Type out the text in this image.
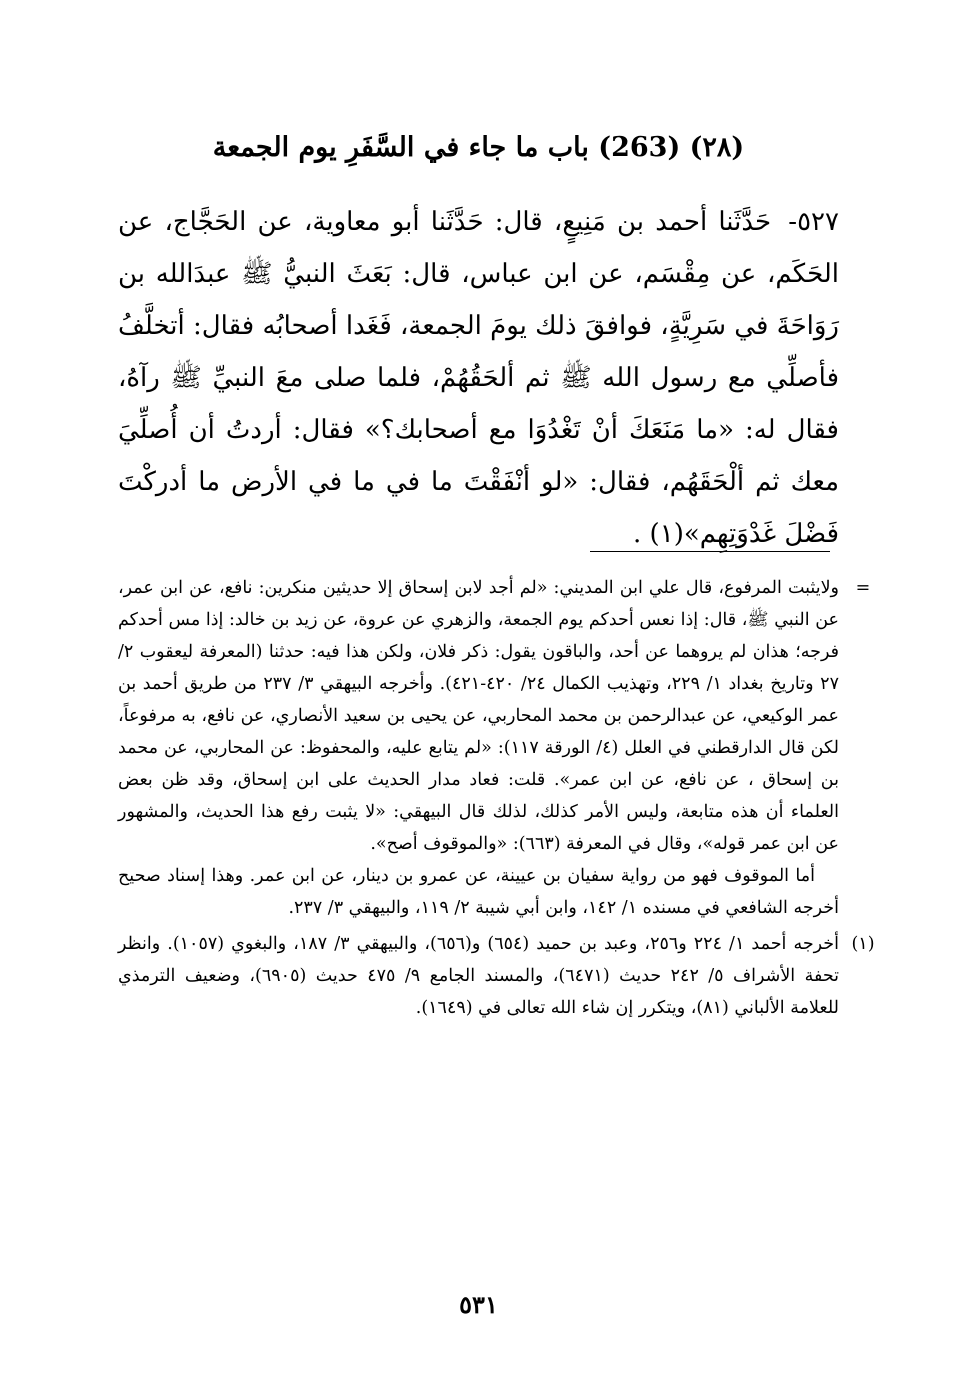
(٢٨) (263) باب ما جاء في السَّفَرِ يوم الجمعة

٥٢٧- حَدَّثَنا أحمد بن مَنِيعٍ، قال: حَدَّثَنا أبو معاوية، عن الحَجَّاج، عن الحَكَم، عن مِقْسَم، عن ابن عباس، قال: بَعَثَ النبيُّ ﷺ عبدَالله بن رَوَاحَةَ في سَرِيَّةٍ، فوافقَ ذلك يومَ الجمعة، فَغَدا أصحابُه فقال: أتخلَّفُ فأصلِّي مع رسول الله ﷺ ثم ألحَقُهُمْ، فلما صلى معَ النبيِّ ﷺ رآهُ، فقال له: «ما مَنَعَكَ أنْ تَغْدُوَا مع أصحابك؟» فقال: أردتُ أن أُصلِّيَ معك ثم ألْحَقَهُم، فقال: «لو أنْفَقْتَ ما في ما في الأرض ما أدركْتَ فَضْلَ غَدْوَتِهِم»(١) .

=

ولايثبت المرفوع، قال علي ابن المديني: «لم أجد لابن إسحاق إلا حديثين منكرين: نافع، عن ابن عمر، عن النبي ﷺ، قال: إذا نعس أحدكم يوم الجمعة، والزهري عن عروة، عن زيد بن خالد: إذا مس أحدكم فرجه؛ هذان لم يروهما عن أحد، والباقون يقول: ذكر فلان، ولكن هذا فيه: حدثنا (المعرفة ليعقوب ٢/ ٢٧ وتاريخ بغداد ١/ ٢٢٩، وتهذيب الكمال ٢٤/ ٤٢٠-٤٢١). وأخرجه البيهقي ٣/ ٢٣٧ من طريق أحمد بن عمر الوكيعي، عن عبدالرحمن بن محمد المحاربي، عن يحيى بن سعيد الأنصاري، عن نافع، به مرفوعاً، لكن قال الدارقطني في العلل (٤/ الورقة ١١٧): «لم يتابع عليه، والمحفوظ: عن المحاربي، عن محمد بن إسحاق ، عن نافع، عن ابن عمر». قلت: فعاد مدار الحديث على ابن إسحاق، وقد ظن بعض العلماء أن هذه متابعة، وليس الأمر كذلك، لذلك قال البيهقي: «لا يثبت رفع هذا الحديث، والمشهور عن ابن عمر قوله»، وقال في المعرفة (٦٦٣): «والموقوف أصح».

أما الموقوف فهو من رواية سفيان بن عيينة، عن عمرو بن دينار، عن ابن عمر. وهذا إسناد صحيح أخرجه الشافعي في مسنده ١/ ١٤٢، وابن أبي شيبة ٢/ ١١٩، والبيهقي ٣/ ٢٣٧.

(١)

أخرجه أحمد ١/ ٢٢٤ و٢٥٦، وعبد بن حميد (٦٥٤) و(٦٥٦)، والبيهقي ٣/ ١٨٧، والبغوي (١٠٥٧). وانظر تحفة الأشراف ٥/ ٢٤٢ حديث (٦٤٧١)، والمسند الجامع ٩/ ٤٧٥ حديث (٦٩٠٥)، وضعيف الترمذي للعلامة الألباني (٨١)، ويتكرر إن شاء الله تعالى في (١٦٤٩).

٥٣١
